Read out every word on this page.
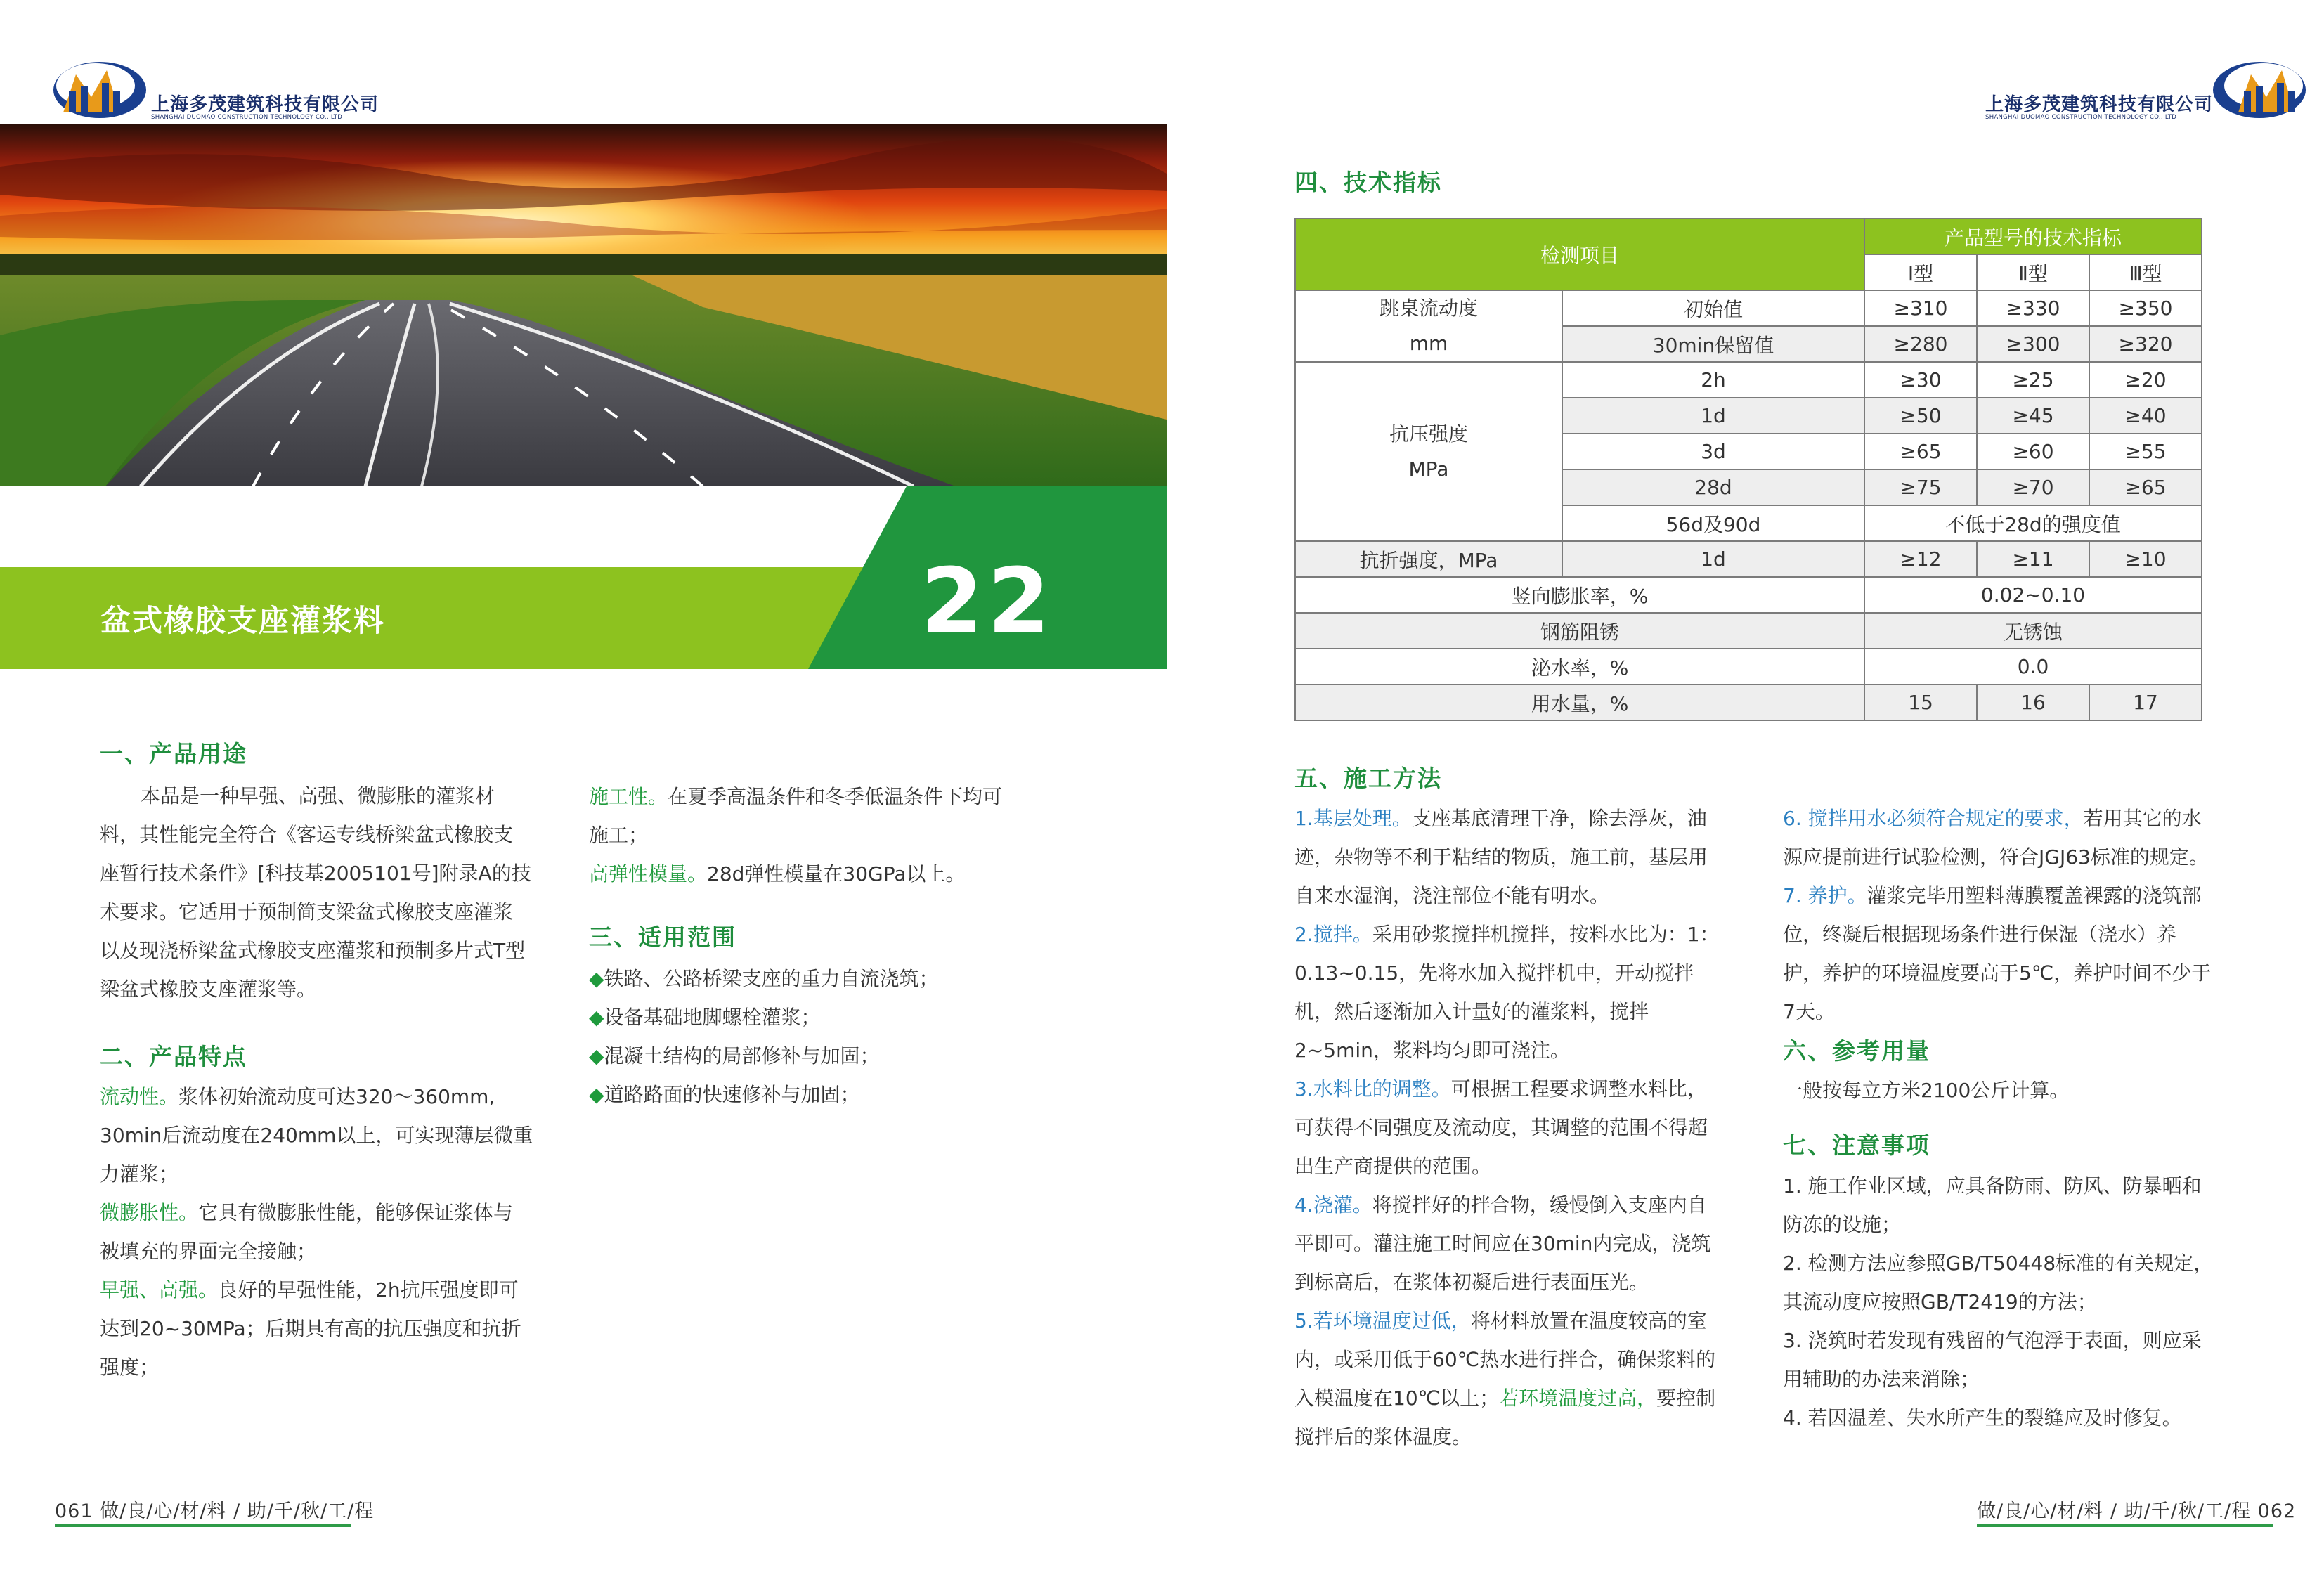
上海多茂建筑科技有限公司
SHANGHAI DUOMAO CONSTRUCTION TECHNOLOGY CO., LTD
上海多茂建筑科技有限公司
SHANGHAI DUOMAO CONSTRUCTION TECHNOLOGY CO., LTD
盆式橡胶支座灌浆料	22
一、产品用途
本品是一种早强、高强、微膨胀的灌浆材
料，其性能完全符合《客运专线桥梁盆式橡胶支
座暂行技术条件》[科技基2005101号]附录A的技
术要求。它适用于预制简支梁盆式橡胶支座灌浆
以及现浇桥梁盆式橡胶支座灌浆和预制多片式T型
梁盆式橡胶支座灌浆等。
二、产品特点
流动性。浆体初始流动度可达320～360mm,
30min后流动度在240mm以上，可实现薄层微重
力灌浆；
微膨胀性。它具有微膨胀性能，能够保证浆体与
被填充的界面完全接触；
早强、高强。良好的早强性能，2h抗压强度即可
达到20~30MPa；后期具有高的抗压强度和抗折
强度；
施工性。在夏季高温条件和冬季低温条件下均可
施工；
高弹性模量。28d弹性模量在30GPa以上。
三、适用范围
◆铁路、公路桥梁支座的重力自流浇筑；
◆设备基础地脚螺栓灌浆；
◆混凝土结构的局部修补与加固；
◆道路路面的快速修补与加固；
四、技术指标
检测项目		产品型号的技术指标		
		Ⅰ型	Ⅱ型	Ⅲ型

跳桌流动度
mm	初始值	≥310	≥330	≥350
	30min保留值	≥280	≥300	≥320

抗压强度
MPa	2h	≥30	≥25	≥20
	1d	≥50	≥45	≥40
	3d	≥65	≥60	≥55
	28d	≥75	≥70	≥65
	56d及90d	不低于28d的强度值		
抗折强度，MPa	1d	≥12	≥11	≥10
竖向膨胀率，%		0.02~0.10		
钢筋阻锈		无锈蚀		
泌水率，%		0.0		
用水量，%		15	16	17
五、施工方法
1.基层处理。支座基底清理干净，除去浮灰，油
迹，杂物等不利于粘结的物质，施工前，基层用
自来水湿润，浇注部位不能有明水。
2.搅拌。采用砂浆搅拌机搅拌，按料水比为：1：
0.13~0.15，先将水加入搅拌机中，开动搅拌
机，然后逐渐加入计量好的灌浆料，搅拌
2~5min，浆料均匀即可浇注。
3.水料比的调整。可根据工程要求调整水料比，
可获得不同强度及流动度，其调整的范围不得超
出生产商提供的范围。
4.浇灌。将搅拌好的拌合物，缓慢倒入支座内自
平即可。灌注施工时间应在30min内完成，浇筑
到标高后，在浆体初凝后进行表面压光。
5.若环境温度过低，将材料放置在温度较高的室
内，或采用低于60℃热水进行拌合，确保浆料的
入模温度在10℃以上；若环境温度过高，要控制
搅拌后的浆体温度。
6. 搅拌用水必须符合规定的要求，若用其它的水
源应提前进行试验检测，符合JGJ63标准的规定。
7. 养护。灌浆完毕用塑料薄膜覆盖裸露的浇筑部
位，终凝后根据现场条件进行保湿（浇水）养
护，养护的环境温度要高于5℃，养护时间不少于
7天。
六、参考用量
一般按每立方米2100公斤计算。
七、注意事项
1. 施工作业区域，应具备防雨、防风、防暴晒和
防冻的设施；
2. 检测方法应参照GB/T50448标准的有关规定，
其流动度应按照GB/T2419的方法；
3. 浇筑时若发现有残留的气泡浮于表面，则应采
用辅助的办法来消除；
4. 若因温差、失水所产生的裂缝应及时修复。
061 做/良/心/材/料 / 助/千/秋/工/程	做/良/心/材/料 / 助/千/秋/工/程 062
